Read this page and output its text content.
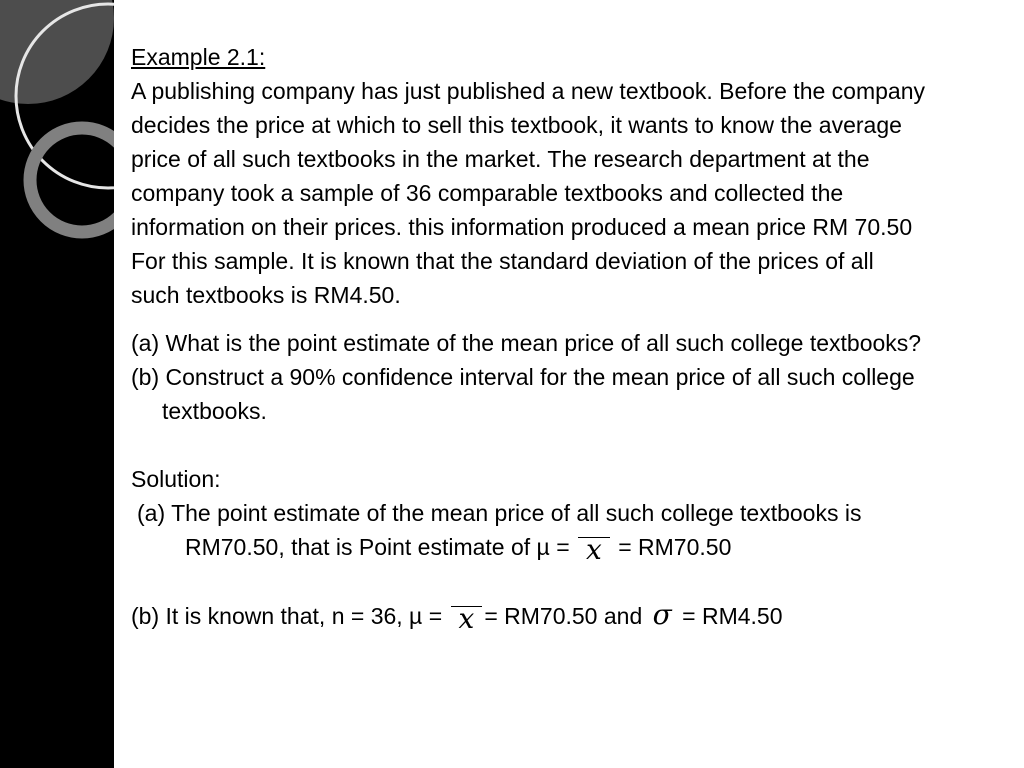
Example 2.1:
A publishing company has just published a new textbook. Before the company
decides the price at which to sell this textbook, it wants to know the average
price of all such textbooks in the market. The research department at the
company took a sample of 36 comparable textbooks and collected the
information on their prices. this information produced a mean price RM 70.50
For this sample. It is known that the standard deviation of the prices of all
such textbooks is RM4.50.
(a) What is the point estimate of the mean price of all such college textbooks?
(b) Construct a 90% confidence interval for the mean price of all such college
textbooks.
Solution:
(a) The point estimate of the mean price of all such college textbooks is
RM70.50, that is Point estimate of µ = x = RM70.50
(b) It is known that, n = 36, µ = x = RM70.50 and σ = RM4.50
